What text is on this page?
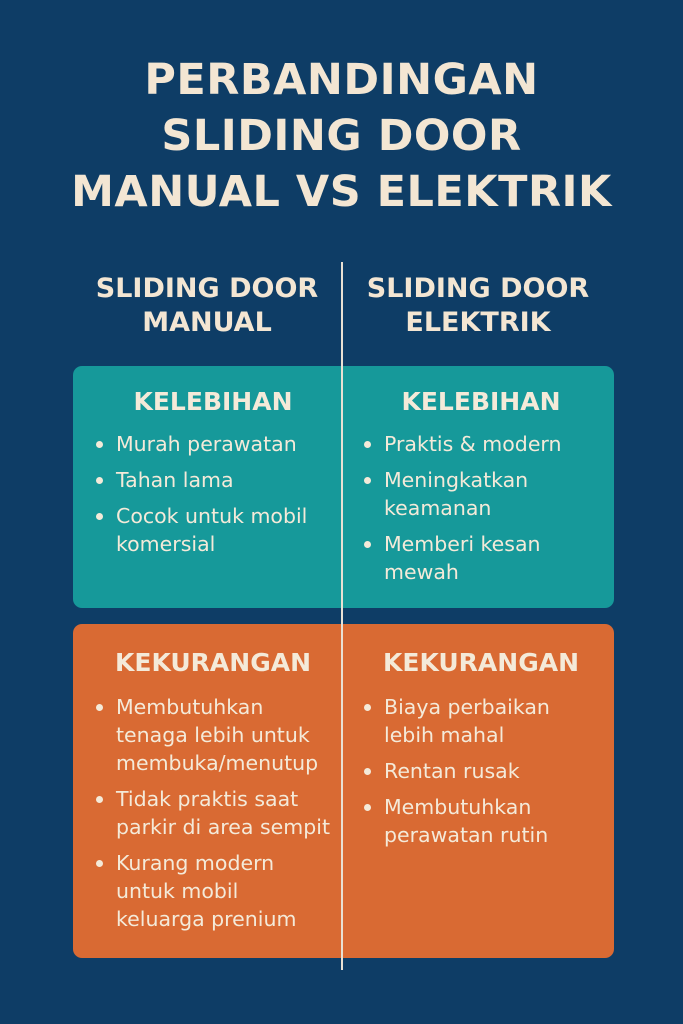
PERBANDINGAN
SLIDING DOOR
MANUAL VS ELEKTRIK
SLIDING DOOR
MANUAL
SLIDING DOOR
ELEKTRIK
KELEBIHAN
Murah perawatan
Tahan lama
Cocok untuk mobil
komersial
KELEBIHAN
Praktis & modern
Meningkatkan
keamanan
Memberi kesan
mewah
KEKURANGAN
Membutuhkan
tenaga lebih untuk
membuka/menutup
Tidak praktis saat
parkir di area sempit
Kurang modern
untuk mobil
keluarga prenium
KEKURANGAN
Biaya perbaikan
lebih mahal
Rentan rusak
Membutuhkan
perawatan rutin
